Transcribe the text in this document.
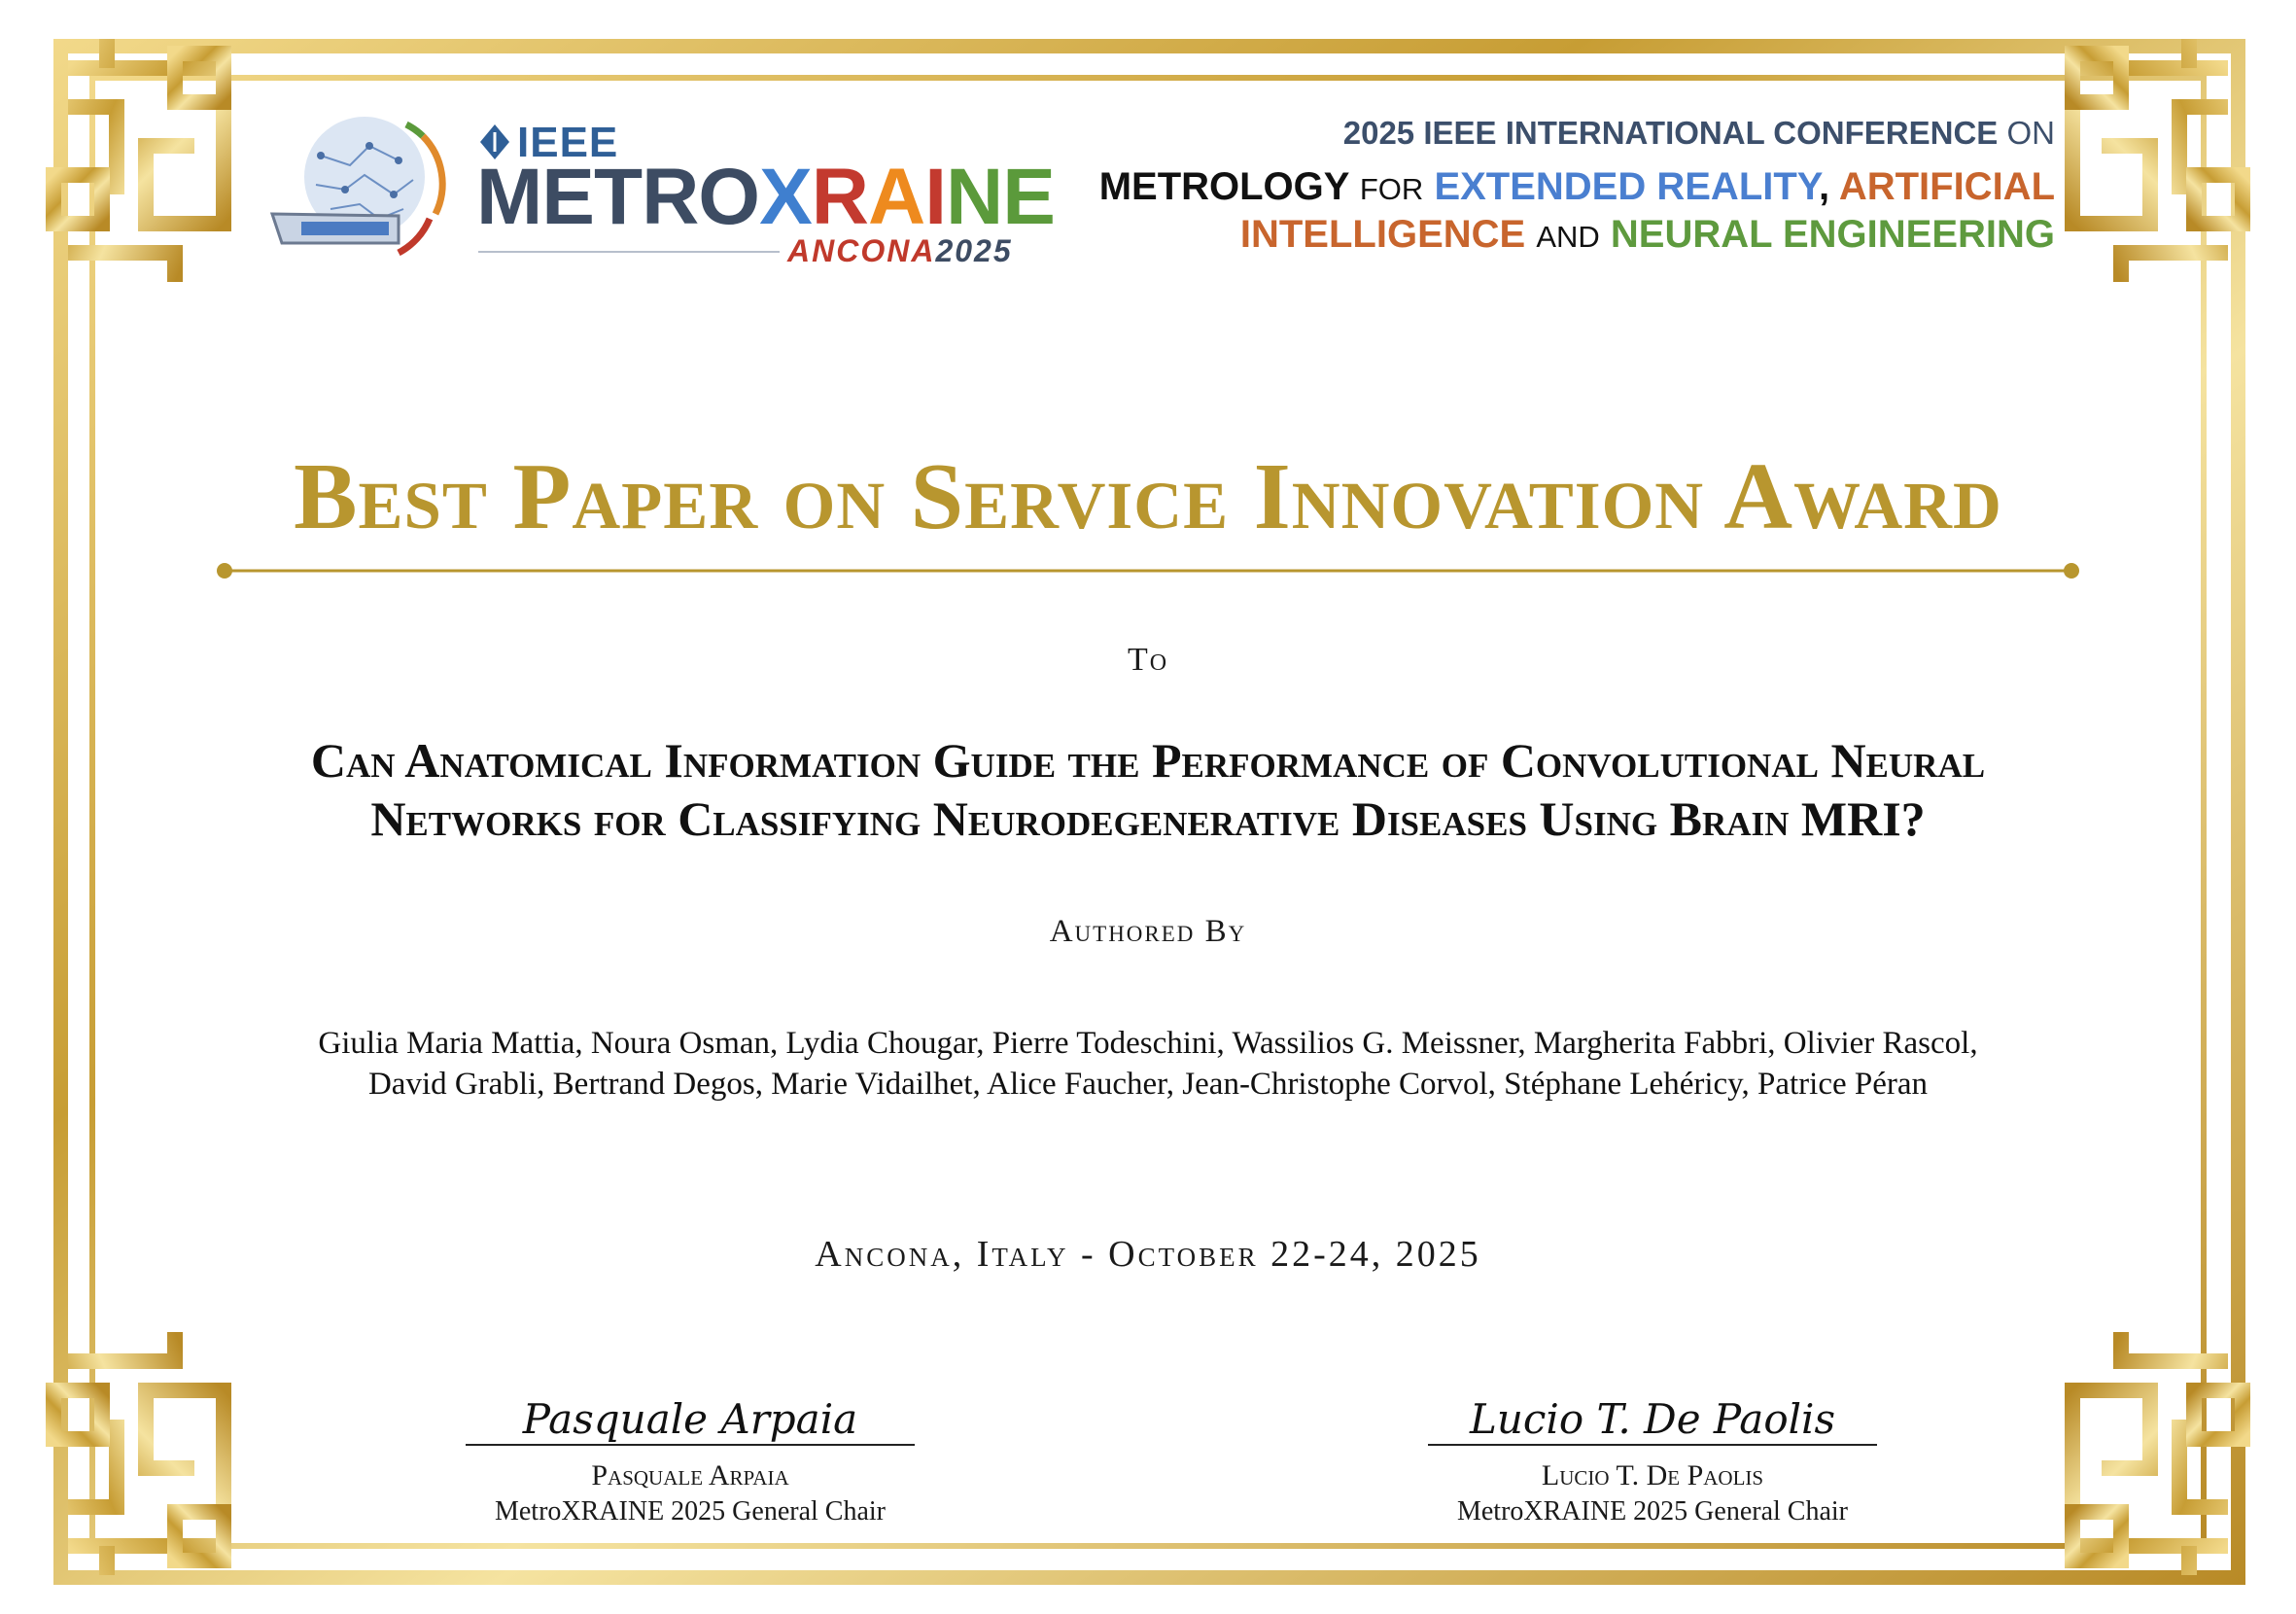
IEEE
METROXRAINE
ANCONA2025
2025 IEEE INTERNATIONAL CONFERENCE ON
METROLOGY FOR EXTENDED REALITY, ARTIFICIAL
INTELLIGENCE AND NEURAL ENGINEERING
Best Paper on Service Innovation Award
To
Can Anatomical Information Guide the Performance of Convolutional Neural
Networks for Classifying Neurodegenerative Diseases Using Brain MRI?
Authored By
Giulia Maria Mattia, Noura Osman, Lydia Chougar, Pierre Todeschini, Wassilios G. Meissner, Margherita Fabbri, Olivier Rascol,
David Grabli, Bertrand Degos, Marie Vidailhet, Alice Faucher, Jean-Christophe Corvol, Stéphane Lehéricy, Patrice Péran
Ancona, Italy - October 22-24, 2025
Pasquale Arpaia
Pasquale Arpaia
MetroXRAINE 2025 General Chair
Lucio T. De Paolis
Lucio T. De Paolis
MetroXRAINE 2025 General Chair
